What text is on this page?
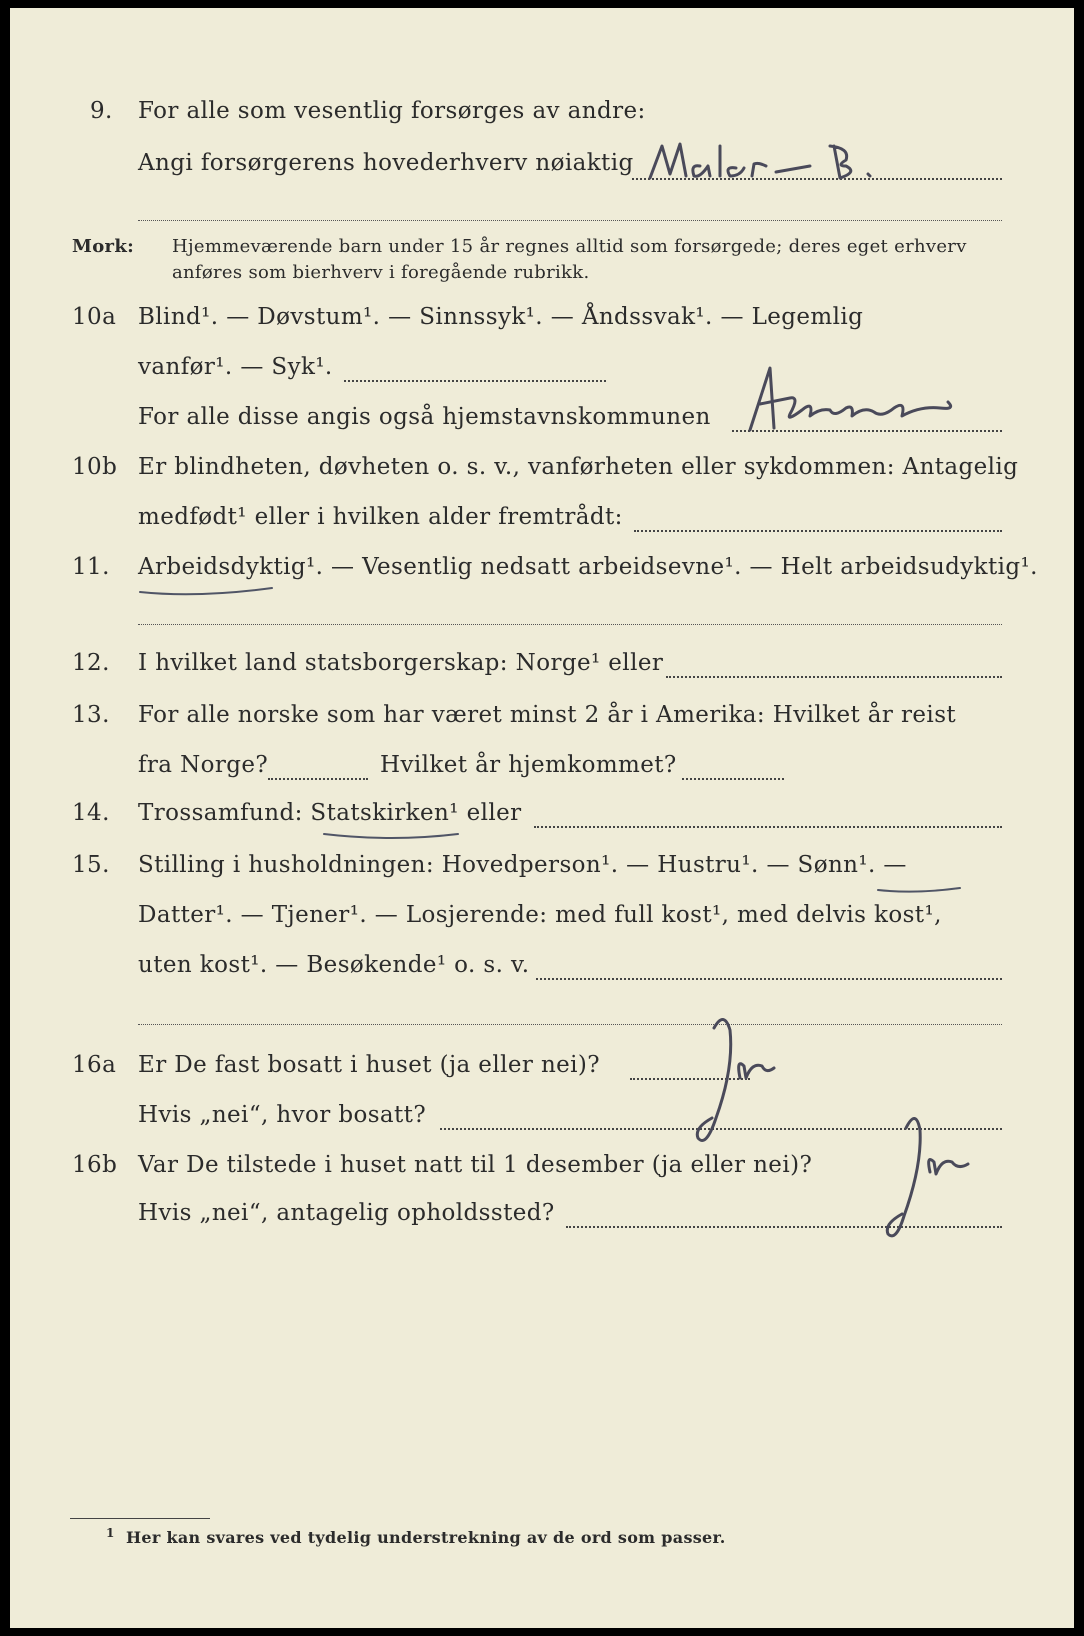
9. For alle som vesentlig forsørges av andre:
Angi forsørgerens hovederhverv nøiaktig
Mork: Hjemmeværende barn under 15 år regnes alltid som forsørgede; deres eget erhverv
anføres som bierhverv i foregående rubrikk.
10a Blind¹. — Døvstum¹. — Sinnssyk¹. — Åndssvak¹. — Legemlig
vanfør¹. — Syk¹.
For alle disse angis også hjemstavnskommunen
10b Er blindheten, døvheten o. s. v., vanførheten eller sykdommen: Antagelig
medfødt¹ eller i hvilken alder fremtrådt:
11. Arbeidsdyktig¹. — Vesentlig nedsatt arbeidsevne¹. — Helt arbeidsudyktig¹.
12. I hvilket land statsborgerskap: Norge¹ eller
13. For alle norske som har været minst 2 år i Amerika: Hvilket år reist
fra Norge?	Hvilket år hjemkommet?
14. Trossamfund: Statskirken¹ eller
15. Stilling i husholdningen: Hovedperson¹. — Hustru¹. — Sønn¹. —
Datter¹. — Tjener¹. — Losjerende: med full kost¹, med delvis kost¹,
uten kost¹. — Besøkende¹ o. s. v.
16a Er De fast bosatt i huset (ja eller nei)?
Hvis „nei“, hvor bosatt?
16b Var De tilstede i huset natt til 1 desember (ja eller nei)?
Hvis „nei“, antagelig opholdssted?
1 Her kan svares ved tydelig understrekning av de ord som passer.
